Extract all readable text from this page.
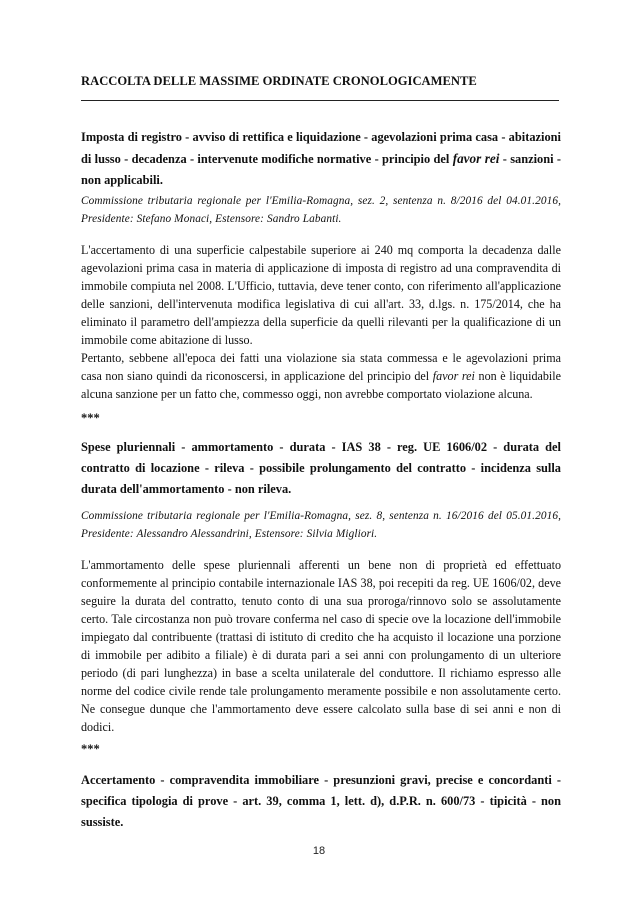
RACCOLTA DELLE MASSIME ORDINATE CRONOLOGICAMENTE
Imposta di registro - avviso di rettifica e liquidazione - agevolazioni prima casa - abitazioni di lusso - decadenza - intervenute modifiche normative - principio del favor rei - sanzioni - non applicabili.
Commissione tributaria regionale per l'Emilia-Romagna, sez. 2, sentenza n. 8/2016 del 04.01.2016, Presidente: Stefano Monaci, Estensore: Sandro Labanti.

L'accertamento di una superficie calpestabile superiore ai 240 mq comporta la decadenza dalle agevolazioni prima casa in materia di applicazione di imposta di registro ad una compravendita di immobile compiuta nel 2008. L'Ufficio, tuttavia, deve tener conto, con riferimento all'applicazione delle sanzioni, dell'intervenuta modifica legislativa di cui all'art. 33, d.lgs. n. 175/2014, che ha eliminato il parametro dell'ampiezza della superficie da quelli rilevanti per la qualificazione di un immobile come abitazione di lusso.

Pertanto, sebbene all'epoca dei fatti una violazione sia stata commessa e le agevolazioni prima casa non siano quindi da riconoscersi, in applicazione del principio del favor rei non è liquidabile alcuna sanzione per un fatto che, commesso oggi, non avrebbe comportato violazione alcuna.

***
Spese pluriennali - ammortamento - durata - IAS 38 - reg. UE 1606/02 - durata del contratto di locazione - rileva - possibile prolungamento del contratto - incidenza sulla durata dell'ammortamento - non rileva.
Commissione tributaria regionale per l'Emilia-Romagna, sez. 8, sentenza n. 16/2016 del 05.01.2016, Presidente: Alessandro Alessandrini, Estensore: Silvia Migliori.

L'ammortamento delle spese pluriennali afferenti un bene non di proprietà ed effettuato conformemente al principio contabile internazionale IAS 38, poi recepiti da reg. UE 1606/02, deve seguire la durata del contratto, tenuto conto di una sua proroga/rinnovo solo se assolutamente certo. Tale circostanza non può trovare conferma nel caso di specie ove la locazione dell'immobile impiegato dal contribuente (trattasi di istituto di credito che ha acquisto il locazione una porzione di immobile per adibito a filiale) è di durata pari a sei anni con prolungamento di un ulteriore periodo (di pari lunghezza) in base a scelta unilaterale del conduttore. Il richiamo espresso alle norme del codice civile rende tale prolungamento meramente possibile e non assolutamente certo. Ne consegue dunque che l'ammortamento deve essere calcolato sulla base di sei anni e non di dodici.

***
Accertamento - compravendita immobiliare - presunzioni gravi, precise e concordanti - specifica tipologia di prove - art. 39, comma 1, lett. d), d.P.R. n. 600/73 - tipicità - non sussiste.
18
